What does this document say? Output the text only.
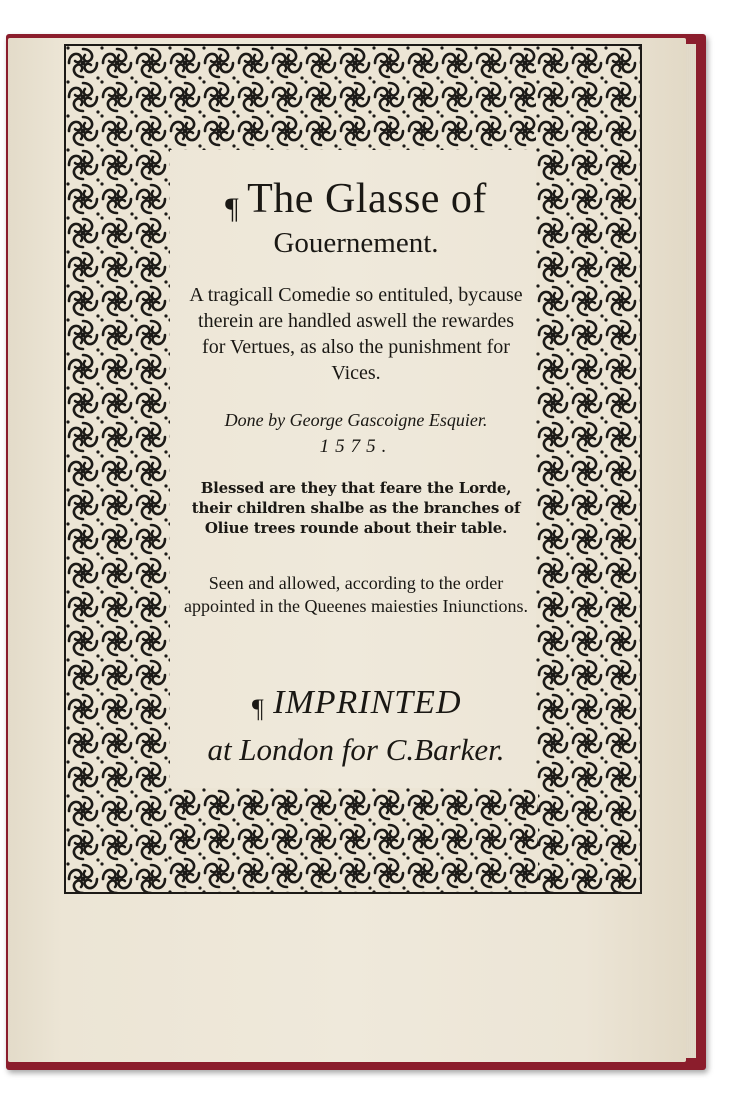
¶ The Glasse of
Gouernement.
A tragicall Comedie so entituled, bycause therein are handled aswell the rewardes for Vertues, as also the punishment for Vices.
Done by George Gascoigne Esquier.
1575.
Blessed are they that feare the Lorde, their children shalbe as the branches of Oliue trees rounde about their table.
Seen and allowed, according to the order appointed in the Queenes maiesties Iniunctions.
¶ IMPRINTED
at London for C.Barker.
